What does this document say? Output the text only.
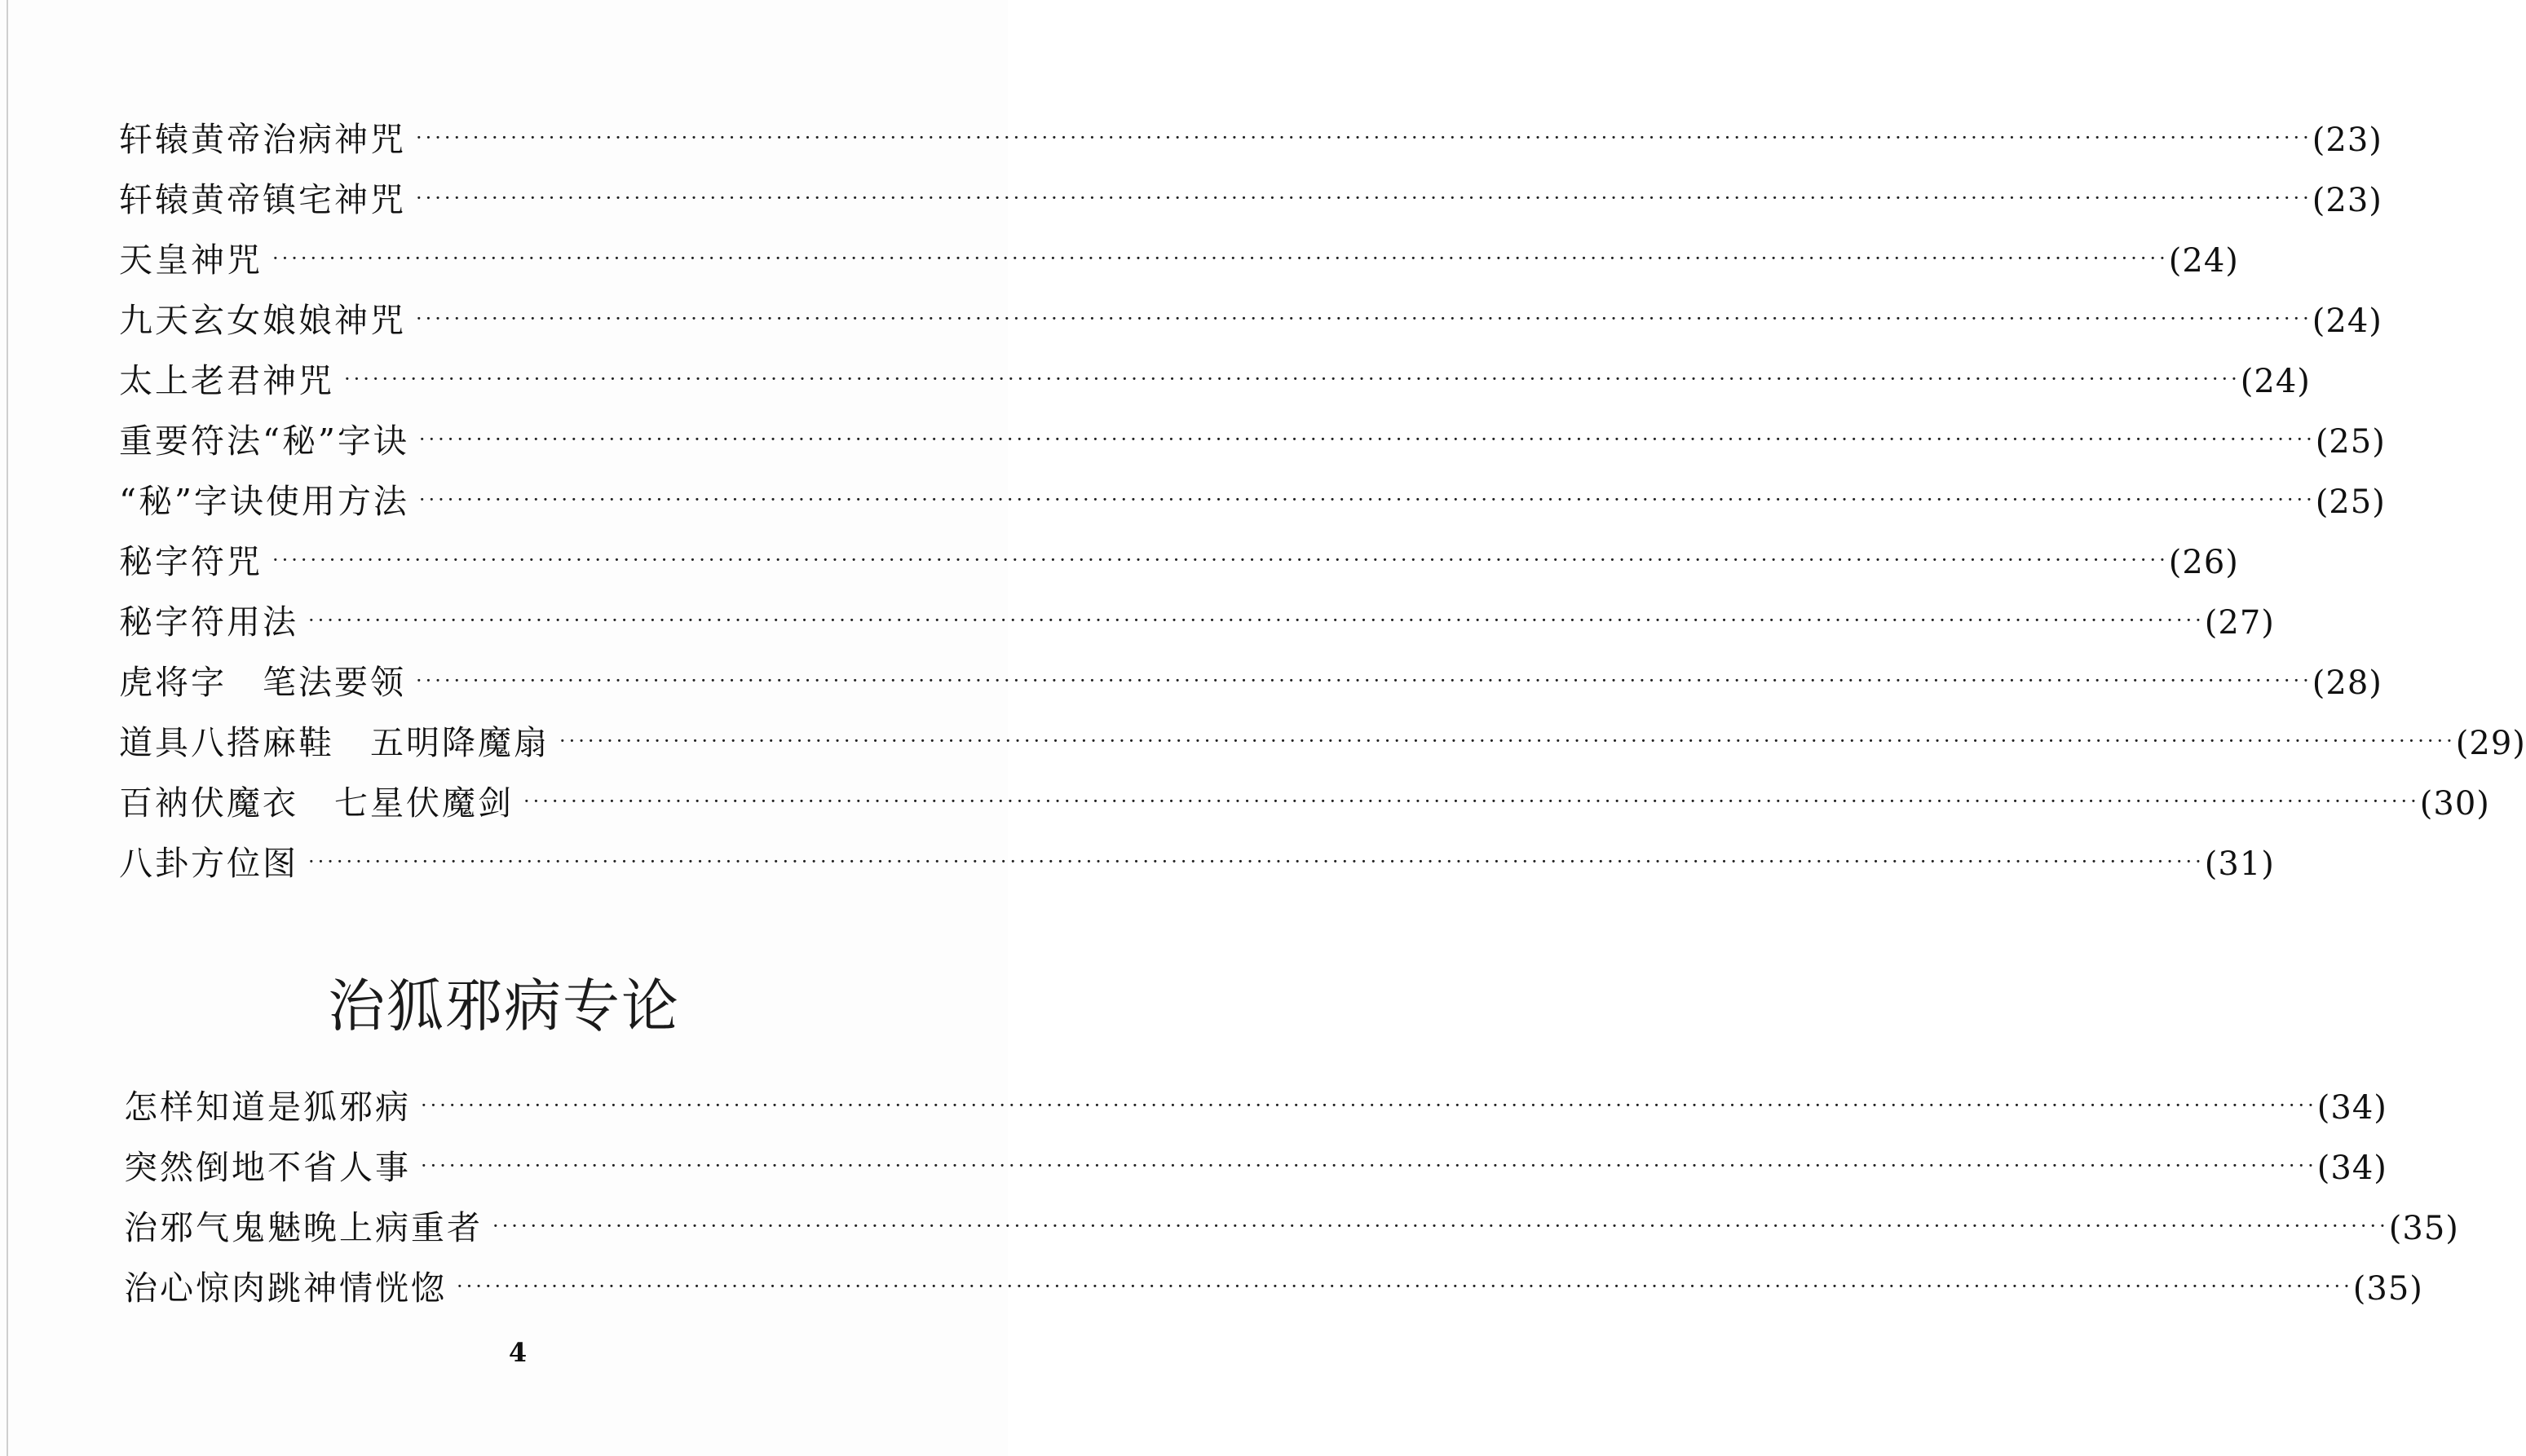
轩辕黄帝治病神咒 ········································································································································································································ (23)
轩辕黄帝镇宅神咒 ········································································································································································································ (23)
天皇神咒 ········································································································································································································ (24)
九天玄女娘娘神咒 ········································································································································································································ (24)
太上老君神咒 ········································································································································································································ (24)
重要符法“秘”字诀 ········································································································································································································ (25)
“秘”字诀使用方法 ········································································································································································································ (25)
秘字符咒 ········································································································································································································ (26)
秘字符用法 ········································································································································································································ (27)
虎将字　笔法要领 ········································································································································································································ (28)
道具八搭麻鞋　五明降魔扇 ········································································································································································································ (29)
百衲伏魔衣　七星伏魔剑 ········································································································································································································ (30)
八卦方位图 ········································································································································································································ (31)
治狐邪病专论
怎样知道是狐邪病 ········································································································································································································ (34)
突然倒地不省人事 ········································································································································································································ (34)
治邪气鬼魅晚上病重者 ········································································································································································································ (35)
治心惊肉跳神情恍惚 ········································································································································································································ (35)
4
